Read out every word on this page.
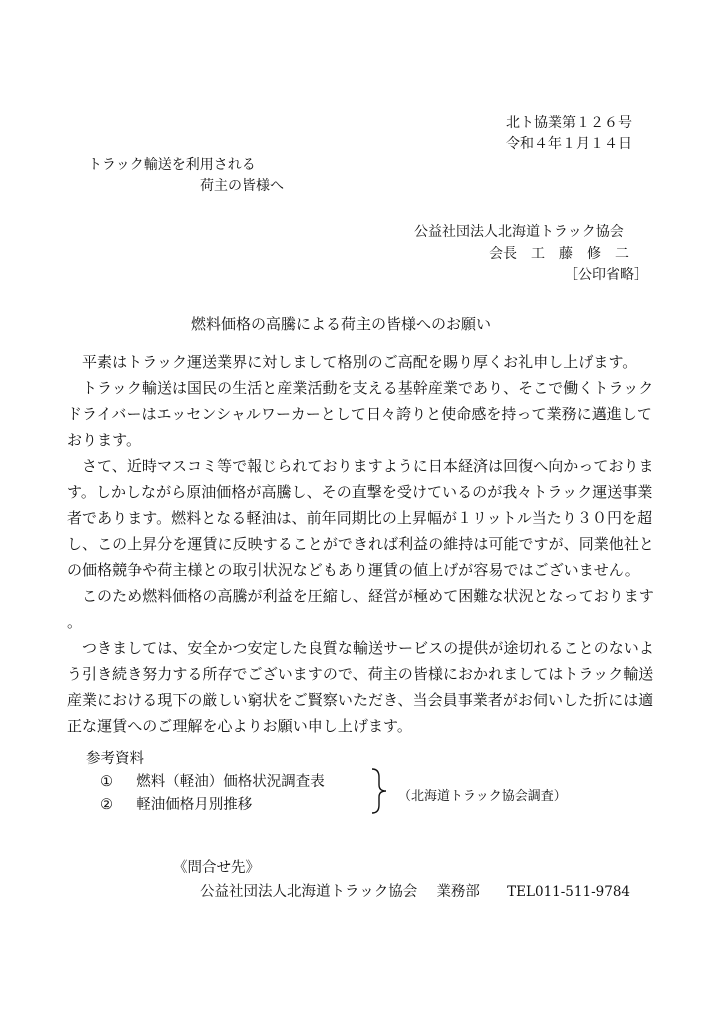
北ト協業第１２６号
令和４年１月１４日
トラック輸送を利用される
荷主の皆様へ
公益社団法人北海道トラック協会
会長　工　藤　修　二
［公印省略］
燃料価格の高騰による荷主の皆様へのお願い

平素はトラック運送業界に対しまして格別のご高配を賜り厚くお礼申し上げます。

トラック輸送は国民の生活と産業活動を支える基幹産業であり、そこで働くトラックドライバーはエッセンシャルワーカーとして日々誇りと使命感を持って業務に邁進しております。

さて、近時マスコミ等で報じられておりますように日本経済は回復へ向かっております。しかしながら原油価格が高騰し、その直撃を受けているのが我々トラック運送事業者であります。燃料となる軽油は、前年同期比の上昇幅が１リットル当たり３０円を超し、この上昇分を運賃に反映することができれば利益の維持は可能ですが、同業他社との価格競争や荷主様との取引状況などもあり運賃の値上げが容易ではございません。

このため燃料価格の高騰が利益を圧縮し、経営が極めて困難な状況となっております。

つきましては、安全かつ安定した良質な輸送サービスの提供が途切れることのないよう引き続き努力する所存でございますので、荷主の皆様におかれましてはトラック輸送産業における現下の厳しい窮状をご賢察いただき、当会員事業者がお伺いした折には適正な運賃へのご理解を心よりお願い申し上げます。

参考資料
① 燃料（軽油）価格状況調査表
② 軽油価格月別推移
（北海道トラック協会調査）
《問合せ先》
公益社団法人北海道トラック協会 業務部 TEL011-511-9784
